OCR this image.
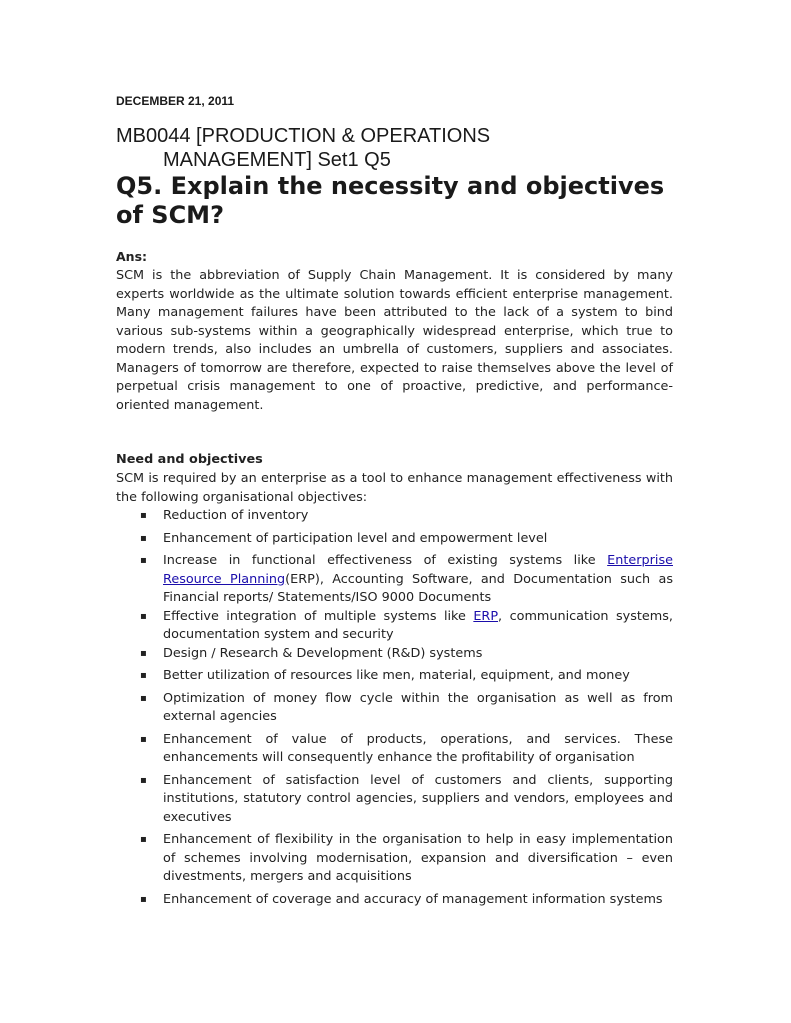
DECEMBER 21, 2011
MB0044 [PRODUCTION & OPERATIONS
MANAGEMENT] Set1 Q5
Q5. Explain the necessity and objectives of SCM?
Ans:
SCM is the abbreviation of Supply Chain Management. It is considered by many experts worldwide as the ultimate solution towards efficient enterprise management. Many management failures have been attributed to the lack of a system to bind various sub-systems within a geographically widespread enterprise, which true to modern trends, also includes an umbrella of customers, suppliers and associates. Managers of tomorrow are therefore, expected to raise themselves above the level of perpetual crisis management to one of proactive, predictive, and performance-oriented management.
Need and objectives
SCM is required by an enterprise as a tool to enhance management effectiveness with the following organisational objectives:
▪ Reduction of inventory
▪ Enhancement of participation level and empowerment level
▪ Increase in functional effectiveness of existing systems like Enterprise Resource Planning(ERP), Accounting Software, and Documentation such as Financial reports/ Statements/ISO 9000 Documents
▪ Effective integration of multiple systems like ERP, communication systems, documentation system and security
▪ Design / Research & Development (R&D) systems
▪ Better utilization of resources like men, material, equipment, and money
▪ Optimization of money flow cycle within the organisation as well as from external agencies
▪ Enhancement of value of products, operations, and services. These enhancements will consequently enhance the profitability of organisation
▪ Enhancement of satisfaction level of customers and clients, supporting institutions, statutory control agencies, suppliers and vendors, employees and executives
▪ Enhancement of flexibility in the organisation to help in easy implementation of schemes involving modernisation, expansion and diversification – even divestments, mergers and acquisitions
▪ Enhancement of coverage and accuracy of management information systems
